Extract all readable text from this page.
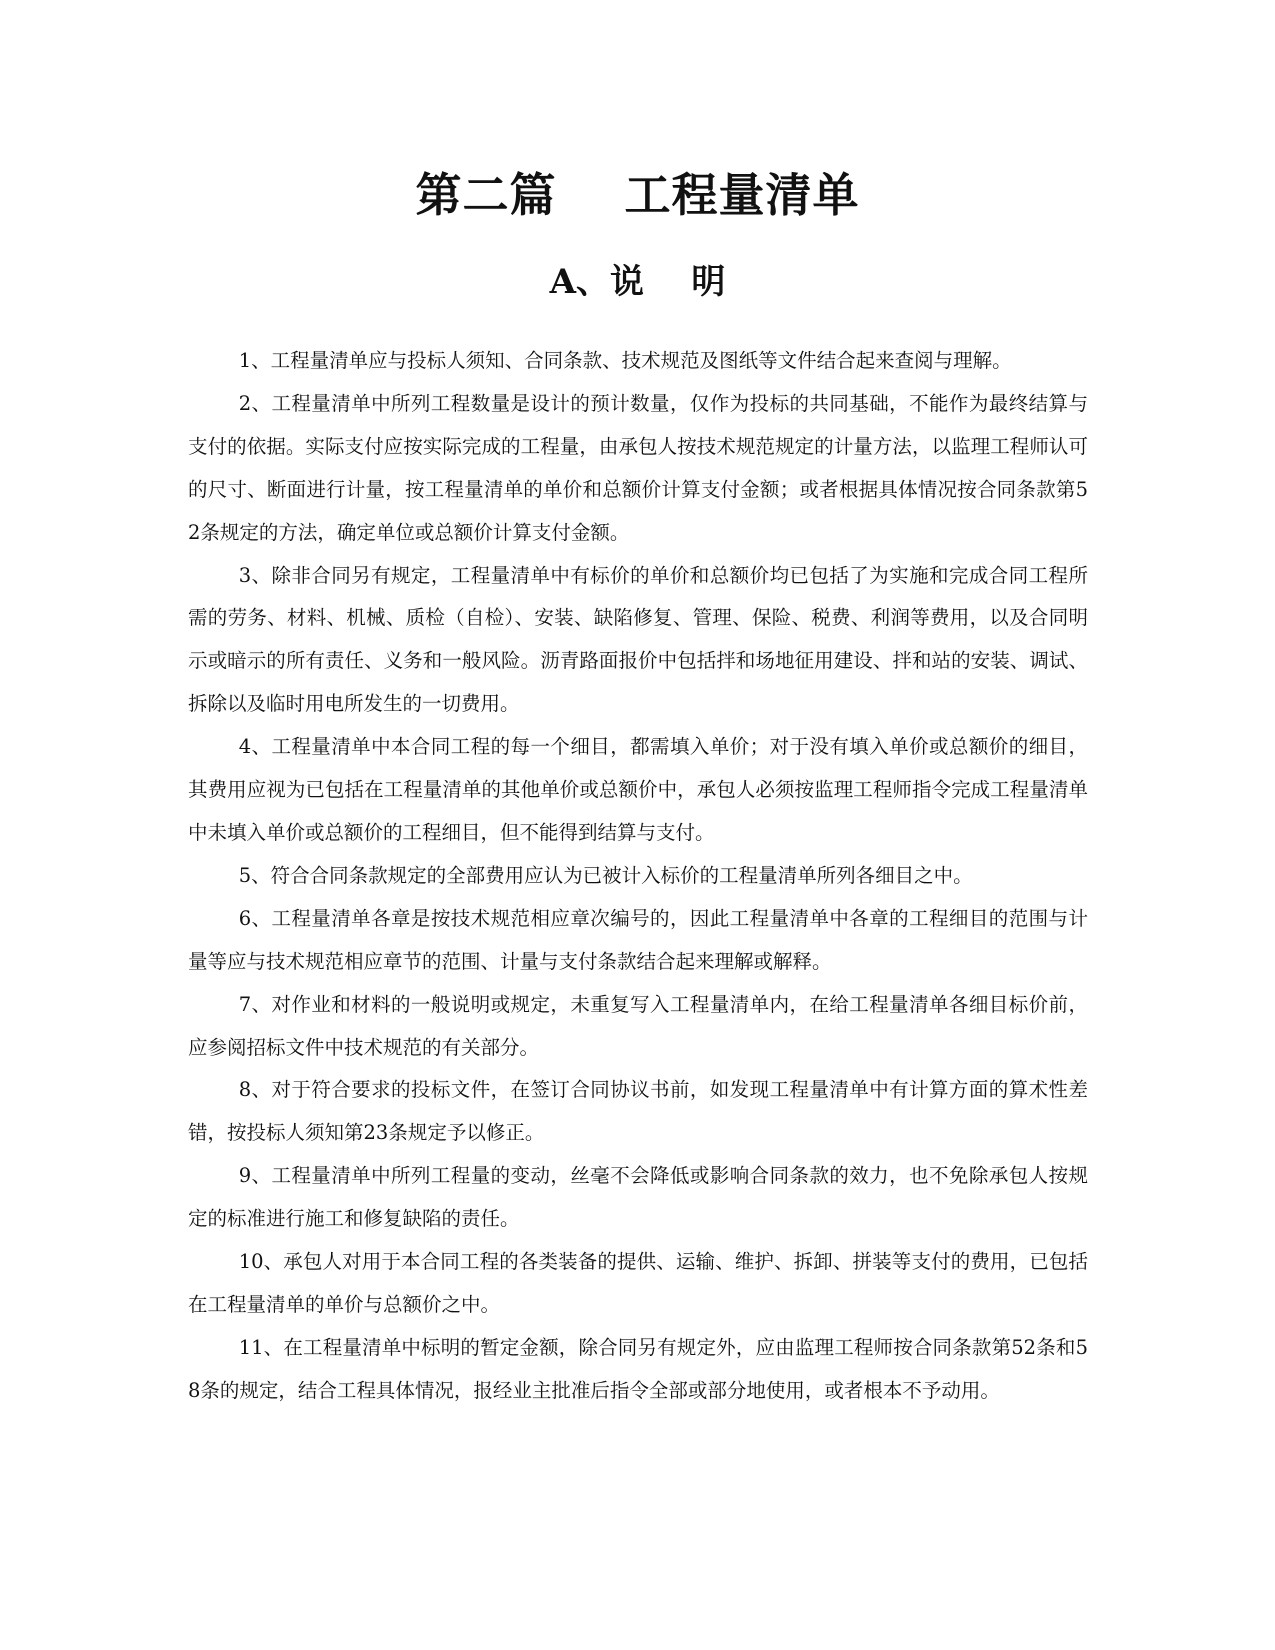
第二篇    工程量清单
A、说    明

1、工程量清单应与投标人须知、合同条款、技术规范及图纸等文件结合起来查阅与理解。

2、工程量清单中所列工程数量是设计的预计数量，仅作为投标的共同基础，不能作为最终结算与支付的依据。实际支付应按实际完成的工程量，由承包人按技术规范规定的计量方法，以监理工程师认可的尺寸、断面进行计量，按工程量清单的单价和总额价计算支付金额；或者根据具体情况按合同条款第52条规定的方法，确定单位或总额价计算支付金额。

3、除非合同另有规定，工程量清单中有标价的单价和总额价均已包括了为实施和完成合同工程所需的劳务、材料、机械、质检（自检）、安装、缺陷修复、管理、保险、税费、利润等费用，以及合同明示或暗示的所有责任、义务和一般风险。沥青路面报价中包括拌和场地征用建设、拌和站的安装、调试、拆除以及临时用电所发生的一切费用。

4、工程量清单中本合同工程的每一个细目，都需填入单价；对于没有填入单价或总额价的细目，其费用应视为已包括在工程量清单的其他单价或总额价中，承包人必须按监理工程师指令完成工程量清单中未填入单价或总额价的工程细目，但不能得到结算与支付。

5、符合合同条款规定的全部费用应认为已被计入标价的工程量清单所列各细目之中。

6、工程量清单各章是按技术规范相应章次编号的，因此工程量清单中各章的工程细目的范围与计量等应与技术规范相应章节的范围、计量与支付条款结合起来理解或解释。

7、对作业和材料的一般说明或规定，未重复写入工程量清单内，在给工程量清单各细目标价前，应参阅招标文件中技术规范的有关部分。

8、对于符合要求的投标文件，在签订合同协议书前，如发现工程量清单中有计算方面的算术性差错，按投标人须知第23条规定予以修正。

9、工程量清单中所列工程量的变动，丝毫不会降低或影响合同条款的效力，也不免除承包人按规定的标准进行施工和修复缺陷的责任。

10、承包人对用于本合同工程的各类装备的提供、运输、维护、拆卸、拼装等支付的费用，已包括在工程量清单的单价与总额价之中。

11、在工程量清单中标明的暂定金额，除合同另有规定外，应由监理工程师按合同条款第52条和58条的规定，结合工程具体情况，报经业主批准后指令全部或部分地使用，或者根本不予动用。
